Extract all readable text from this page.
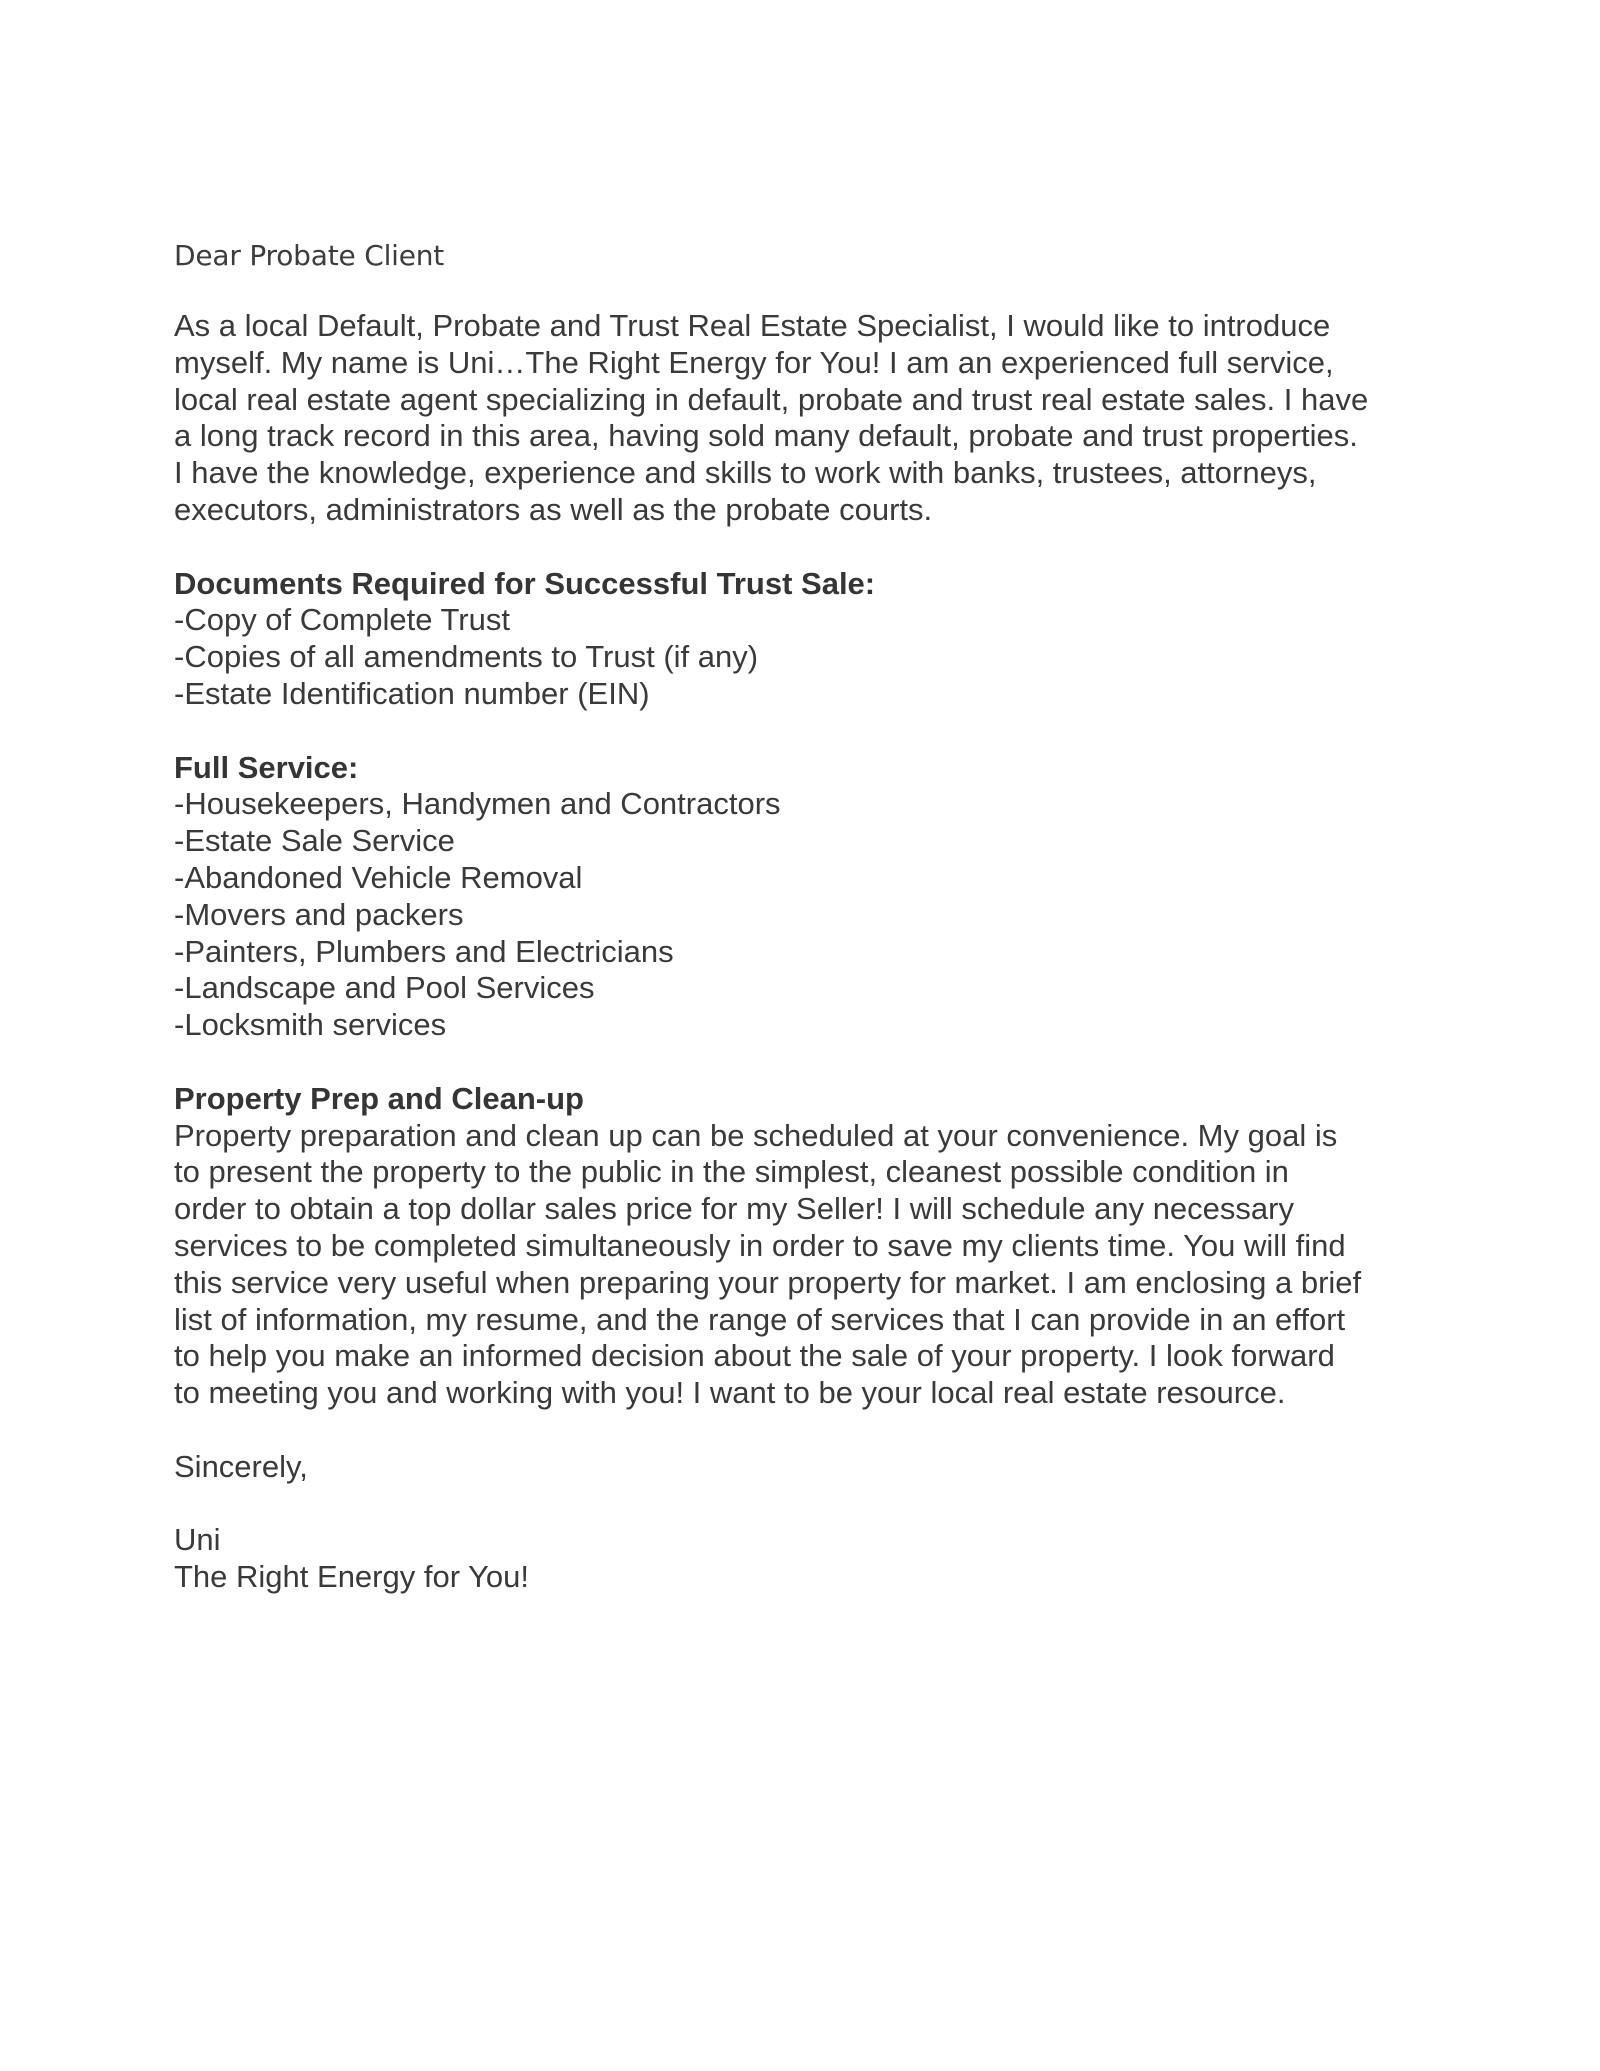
Dear Probate Client

As a local Default, Probate and Trust Real Estate Specialist, I would like to introduce
myself. My name is Uni…The Right Energy for You! I am an experienced full service,
local real estate agent specializing in default, probate and trust real estate sales. I have
a long track record in this area, having sold many default, probate and trust properties.
I have the knowledge, experience and skills to work with banks, trustees, attorneys,
executors, administrators as well as the probate courts.

Documents Required for Successful Trust Sale:

-Copy of Complete Trust
-Copies of all amendments to Trust (if any)
-Estate Identification number (EIN)

Full Service:

-Housekeepers, Handymen and Contractors
-Estate Sale Service
-Abandoned Vehicle Removal
-Movers and packers
-Painters, Plumbers and Electricians
-Landscape and Pool Services
-Locksmith services

Property Prep and Clean-up

Property preparation and clean up can be scheduled at your convenience. My goal is
to present the property to the public in the simplest, cleanest possible condition in
order to obtain a top dollar sales price for my Seller! I will schedule any necessary
services to be completed simultaneously in order to save my clients time. You will find
this service very useful when preparing your property for market. I am enclosing a brief
list of information, my resume, and the range of services that I can provide in an effort
to help you make an informed decision about the sale of your property. I look forward
to meeting you and working with you! I want to be your local real estate resource.

Sincerely,

Uni

The Right Energy for You!
